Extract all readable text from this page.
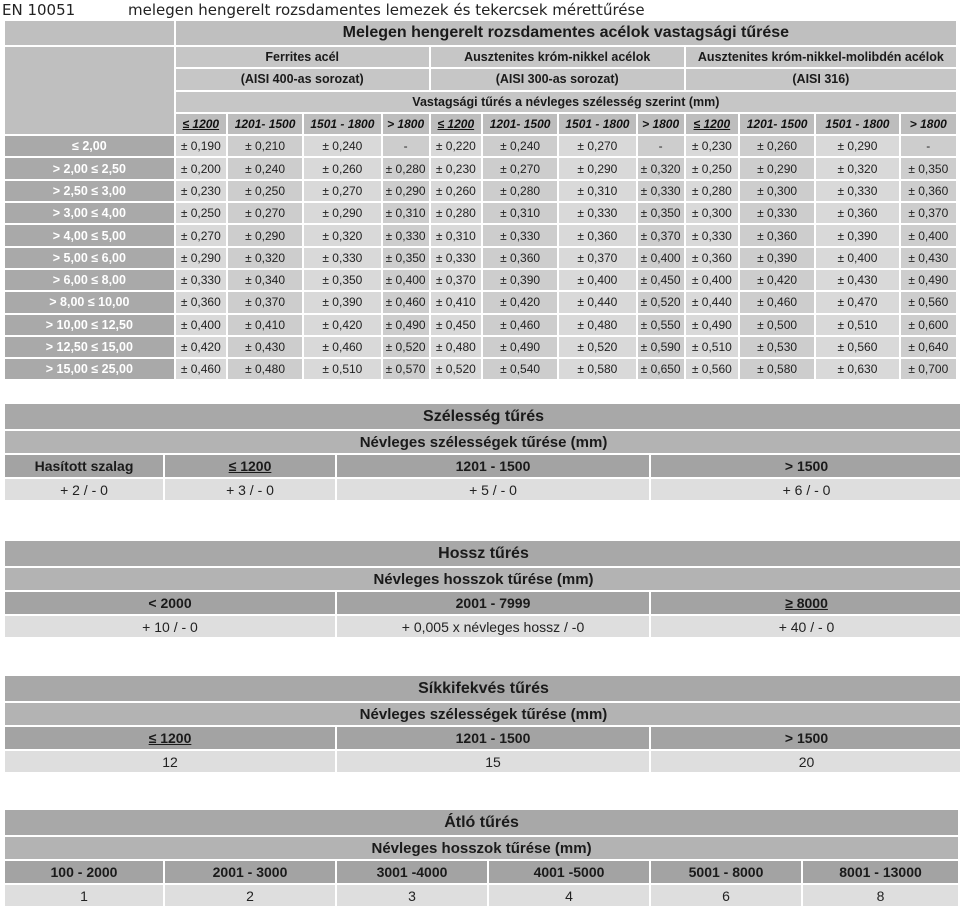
EN 10051	melegen hengerelt rozsdamentes lemezek és tekercsek mérettűrése
	Melegen hengerelt rozsdamentes acélok vastagsági tűrése											
	Ferrites acél				Ausztenites króm-nikkel acélok				Ausztenites króm-nikkel-molibdén acélok			
	(AISI 400-as sorozat)				(AISI 300-as sorozat)				(AISI 316)			
	Vastagsági tűrés a névleges szélesség szerint (mm)											
	≤ 1200	1201- 1500	1501 - 1800	> 1800	≤ 1200	1201- 1500	1501 - 1800	> 1800	≤ 1200	1201- 1500	1501 - 1800	> 1800
≤ 2,00	± 0,190	± 0,210	± 0,240	-	± 0,220	± 0,240	± 0,270	-	± 0,230	± 0,260	± 0,290	-
> 2,00 ≤ 2,50	± 0,200	± 0,240	± 0,260	± 0,280	± 0,230	± 0,270	± 0,290	± 0,320	± 0,250	± 0,290	± 0,320	± 0,350
> 2,50 ≤ 3,00	± 0,230	± 0,250	± 0,270	± 0,290	± 0,260	± 0,280	± 0,310	± 0,330	± 0,280	± 0,300	± 0,330	± 0,360
> 3,00 ≤ 4,00	± 0,250	± 0,270	± 0,290	± 0,310	± 0,280	± 0,310	± 0,330	± 0,350	± 0,300	± 0,330	± 0,360	± 0,370
> 4,00 ≤ 5,00	± 0,270	± 0,290	± 0,320	± 0,330	± 0,310	± 0,330	± 0,360	± 0,370	± 0,330	± 0,360	± 0,390	± 0,400
> 5,00 ≤ 6,00	± 0,290	± 0,320	± 0,330	± 0,350	± 0,330	± 0,360	± 0,370	± 0,400	± 0,360	± 0,390	± 0,400	± 0,430
> 6,00 ≤ 8,00	± 0,330	± 0,340	± 0,350	± 0,400	± 0,370	± 0,390	± 0,400	± 0,450	± 0,400	± 0,420	± 0,430	± 0,490
> 8,00 ≤ 10,00	± 0,360	± 0,370	± 0,390	± 0,460	± 0,410	± 0,420	± 0,440	± 0,520	± 0,440	± 0,460	± 0,470	± 0,560
> 10,00 ≤ 12,50	± 0,400	± 0,410	± 0,420	± 0,490	± 0,450	± 0,460	± 0,480	± 0,550	± 0,490	± 0,500	± 0,510	± 0,600
> 12,50 ≤ 15,00	± 0,420	± 0,430	± 0,460	± 0,520	± 0,480	± 0,490	± 0,520	± 0,590	± 0,510	± 0,530	± 0,560	± 0,640
> 15,00 ≤ 25,00	± 0,460	± 0,480	± 0,510	± 0,570	± 0,520	± 0,540	± 0,580	± 0,650	± 0,560	± 0,580	± 0,630	± 0,700
Szélesség tűrés			
Névleges szélességek tűrése (mm)			
Hasított szalag	≤ 1200	1201 - 1500	> 1500
+ 2 / - 0	+ 3 / - 0	+ 5 / - 0	+ 6 / - 0
Hossz tűrés		
Névleges hosszok tűrése (mm)		
< 2000	2001 - 7999	≥ 8000
+ 10 / - 0	+ 0,005 x névleges hossz / -0	+ 40 / - 0
Síkkifekvés tűrés		
Névleges szélességek tűrése (mm)		
≤ 1200	1201 - 1500	> 1500
12	15	20
Átló tűrés					
Névleges hosszok tűrése (mm)					
100 - 2000	2001 - 3000	3001 -4000	4001 -5000	5001 - 8000	8001 - 13000
1	2	3	4	6	8
